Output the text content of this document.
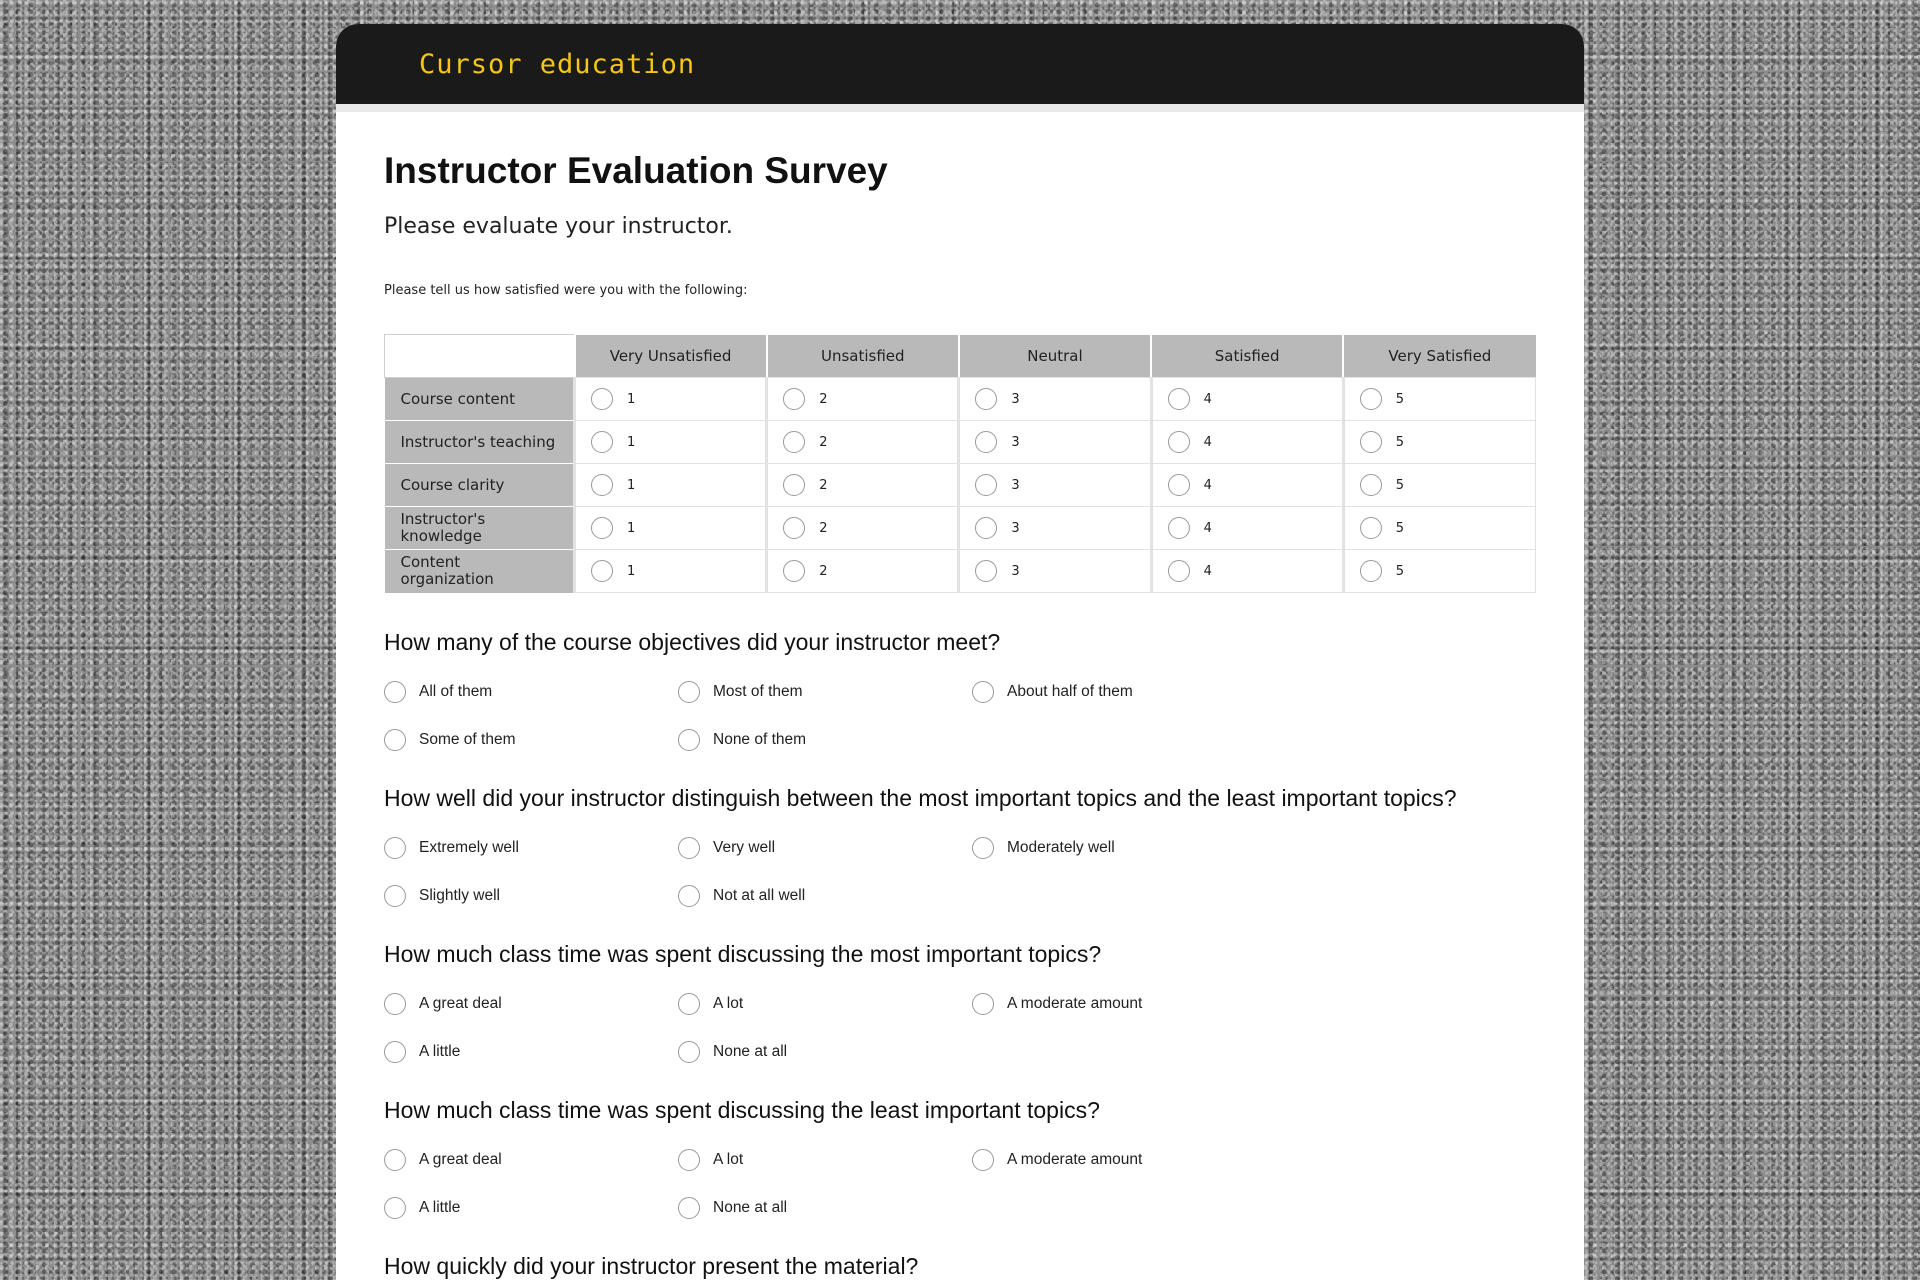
Cursor education
Instructor Evaluation Survey
Please evaluate your instructor.
Please tell us how satisfied were you with the following:
	Very Unsatisfied	Unsatisfied	Neutral	Satisfied	Very Satisfied
Course content	1	2	3	4	5
Instructor's teaching	1	2	3	4	5
Course clarity	1	2	3	4	5
Instructor's knowledge	1	2	3	4	5
Content organization	1	2	3	4	5
How many of the course objectives did your instructor meet?
All of them	Most of them	About half of them
Some of them	None of them
How well did your instructor distinguish between the most important topics and the least important topics?
Extremely well	Very well	Moderately well
Slightly well	Not at all well
How much class time was spent discussing the most important topics?
A great deal	A lot	A moderate amount
A little	None at all
How much class time was spent discussing the least important topics?
A great deal	A lot	A moderate amount
A little	None at all
How quickly did your instructor present the material?
